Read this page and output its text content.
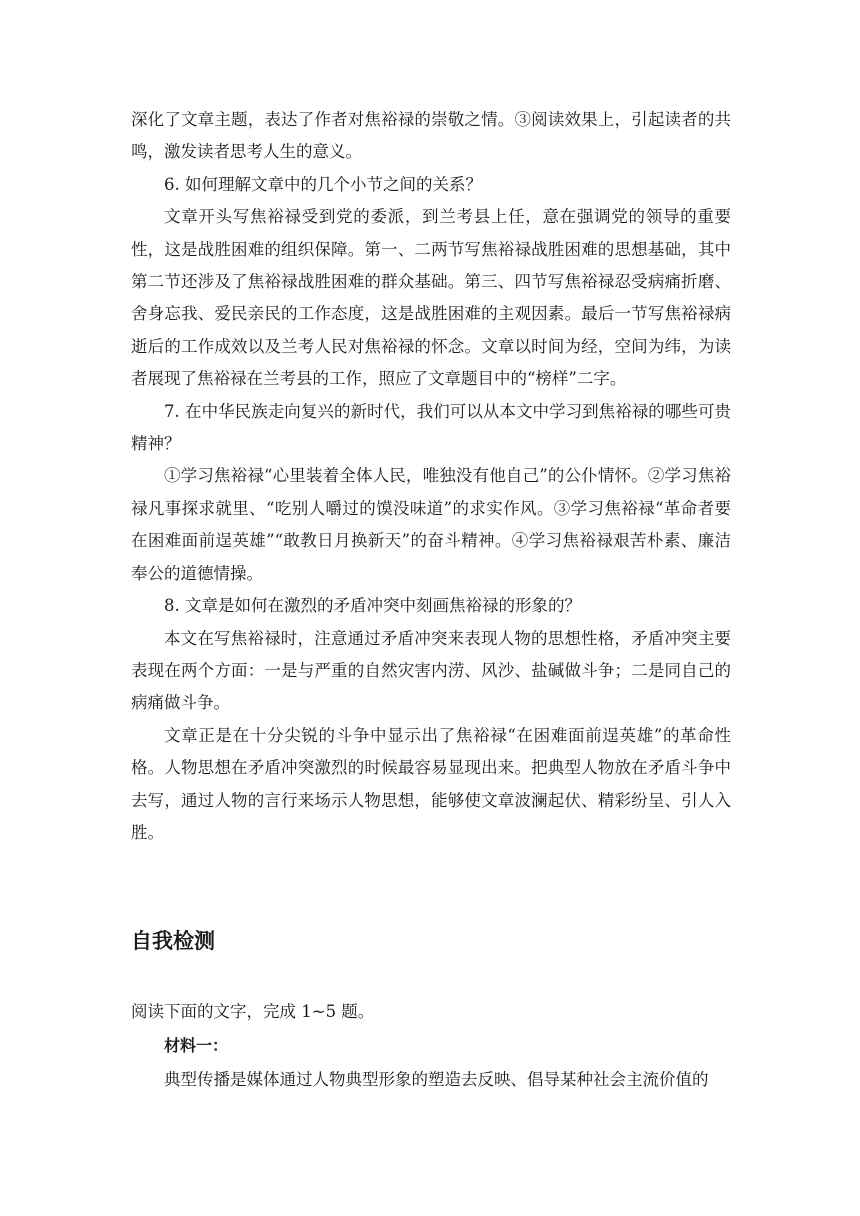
深化了文章主题，表达了作者对焦裕禄的崇敬之情。③阅读效果上，引起读者的共鸣，激发读者思考人生的意义。

6. 如何理解文章中的几个小节之间的关系？

文章开头写焦裕禄受到党的委派，到兰考县上任，意在强调党的领导的重要性，这是战胜困难的组织保障。第一、二两节写焦裕禄战胜困难的思想基础，其中第二节还涉及了焦裕禄战胜困难的群众基础。第三、四节写焦裕禄忍受病痛折磨、舍身忘我、爱民亲民的工作态度，这是战胜困难的主观因素。最后一节写焦裕禄病逝后的工作成效以及兰考人民对焦裕禄的怀念。文章以时间为经，空间为纬，为读者展现了焦裕禄在兰考县的工作，照应了文章题目中的“榜样”二字。

7. 在中华民族走向复兴的新时代，我们可以从本文中学习到焦裕禄的哪些可贵精神？

①学习焦裕禄“心里装着全体人民，唯独没有他自己”的公仆情怀。②学习焦裕禄凡事探求就里、“吃别人嚼过的馍没味道”的求实作风。③学习焦裕禄“革命者要在困难面前逞英雄”“敢教日月换新天”的奋斗精神。④学习焦裕禄艰苦朴素、廉洁奉公的道德情操。

8. 文章是如何在激烈的矛盾冲突中刻画焦裕禄的形象的？

本文在写焦裕禄时，注意通过矛盾冲突来表现人物的思想性格，矛盾冲突主要表现在两个方面：一是与严重的自然灾害内涝、风沙、盐碱做斗争；二是同自己的病痛做斗争。

文章正是在十分尖锐的斗争中显示出了焦裕禄“在困难面前逞英雄”的革命性格。人物思想在矛盾冲突激烈的时候最容易显现出来。把典型人物放在矛盾斗争中去写，通过人物的言行来场示人物思想，能够使文章波澜起伏、精彩纷呈、引人入胜。

自我检测

阅读下面的文字，完成 1~5 题。

材料一：

典型传播是媒体通过人物典型形象的塑造去反映、倡导某种社会主流价值的
